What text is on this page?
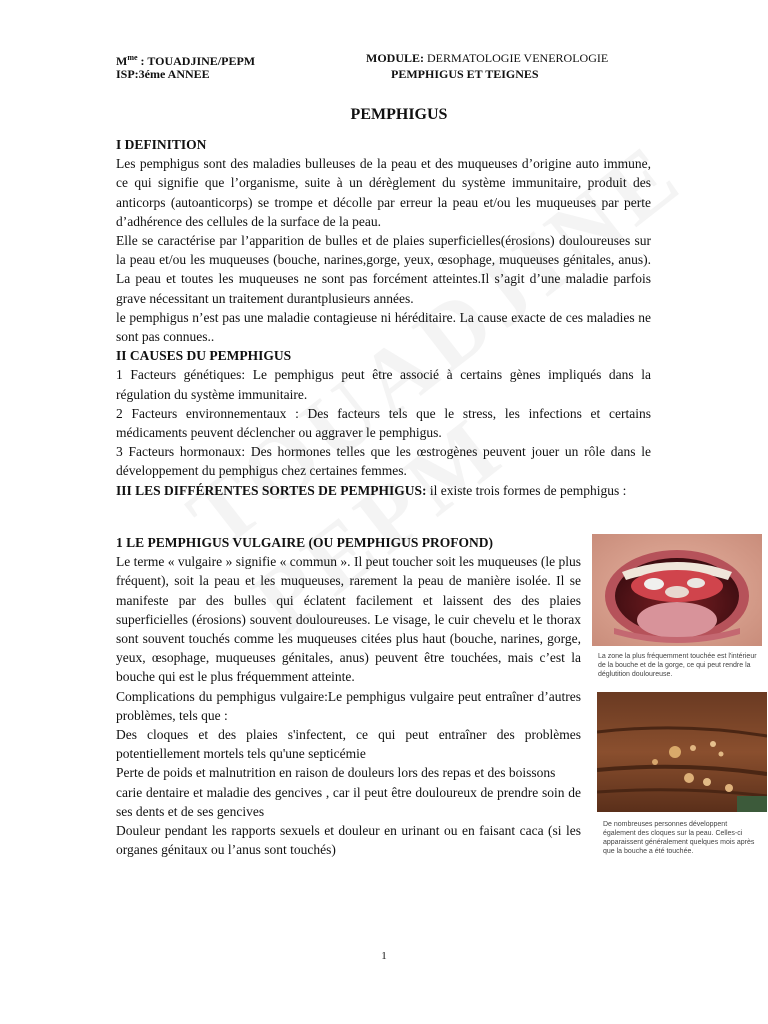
$M^{me}$ : TOUADJINE/PEPM
ISP:3éme ANNEE
MODULE: DERMATOLOGIE VENEROLOGIE
PEMPHIGUS ET TEIGNES
PEMPHIGUS

I DEFINITION

Les pemphigus sont des maladies bulleuses de la peau et des muqueuses d’origine auto immune, ce qui signifie que l’organisme, suite à un dérèglement du système immunitaire, produit des anticorps (autoanticorps) se trompe et décolle par erreur la peau et/ou les muqueuses par perte d’adhérence des cellules de la surface de la peau.

Elle se caractérise par l’apparition de bulles et de plaies superficielles(érosions) douloureuses sur la peau et/ou les muqueuses (bouche, narines,gorge, yeux, œsophage, muqueuses génitales, anus). La peau et toutes les muqueuses ne sont pas forcément atteintes.Il s’agit d’une maladie parfois grave nécessitant un traitement durantplusieurs années.

le pemphigus n’est pas une maladie contagieuse ni héréditaire. La cause exacte de ces maladies ne sont pas connues..

II CAUSES DU PEMPHIGUS

1 Facteurs génétiques: Le pemphigus peut être associé à certains gènes impliqués dans la régulation du système immunitaire.

2 Facteurs environnementaux : Des facteurs tels que le stress, les infections et certains médicaments peuvent déclencher ou aggraver le pemphigus.

3 Facteurs hormonaux: Des hormones telles que les œstrogènes peuvent jouer un rôle dans le développement du pemphigus chez certaines femmes.

III LES DIFFÉRENTES SORTES DE PEMPHIGUS: il existe trois formes de pemphigus :

1 LE PEMPHIGUS VULGAIRE (OU PEMPHIGUS PROFOND)

Le terme « vulgaire » signifie « commun ». Il peut toucher soit les muqueuses (le plus fréquent), soit la peau et les muqueuses, rarement la peau de manière isolée. Il se manifeste par des bulles qui éclatent facilement et laissent des des plaies superficielles (érosions) souvent douloureuses. Le visage, le cuir chevelu et le thorax sont souvent touchés comme les muqueuses citées plus haut (bouche, narines, gorge, yeux, œsophage, muqueuses génitales, anus) peuvent être touchées, mais c’est la bouche qui est le plus fréquemment atteinte.

Complications du pemphigus vulgaire:Le pemphigus vulgaire peut entraîner d’autres problèmes, tels que :

Des cloques et des plaies s'infectent, ce qui peut entraîner des problèmes potentiellement mortels tels qu'une septicémie

Perte de poids et malnutrition en raison de douleurs lors des repas et des boissons

carie dentaire et maladie des gencives , car il peut être douloureux de prendre soin de ses dents et de ses gencives

Douleur pendant les rapports sexuels et douleur en urinant ou en faisant caca (si les organes génitaux ou l’anus sont touchés)

La zone la plus fréquemment touchée est l'intérieur de la bouche et de la gorge, ce qui peut rendre la déglutition douloureuse.
De nombreuses personnes développent également des cloques sur la peau. Celles-ci apparaissent généralement quelques mois après que la bouche a été touchée.
1
